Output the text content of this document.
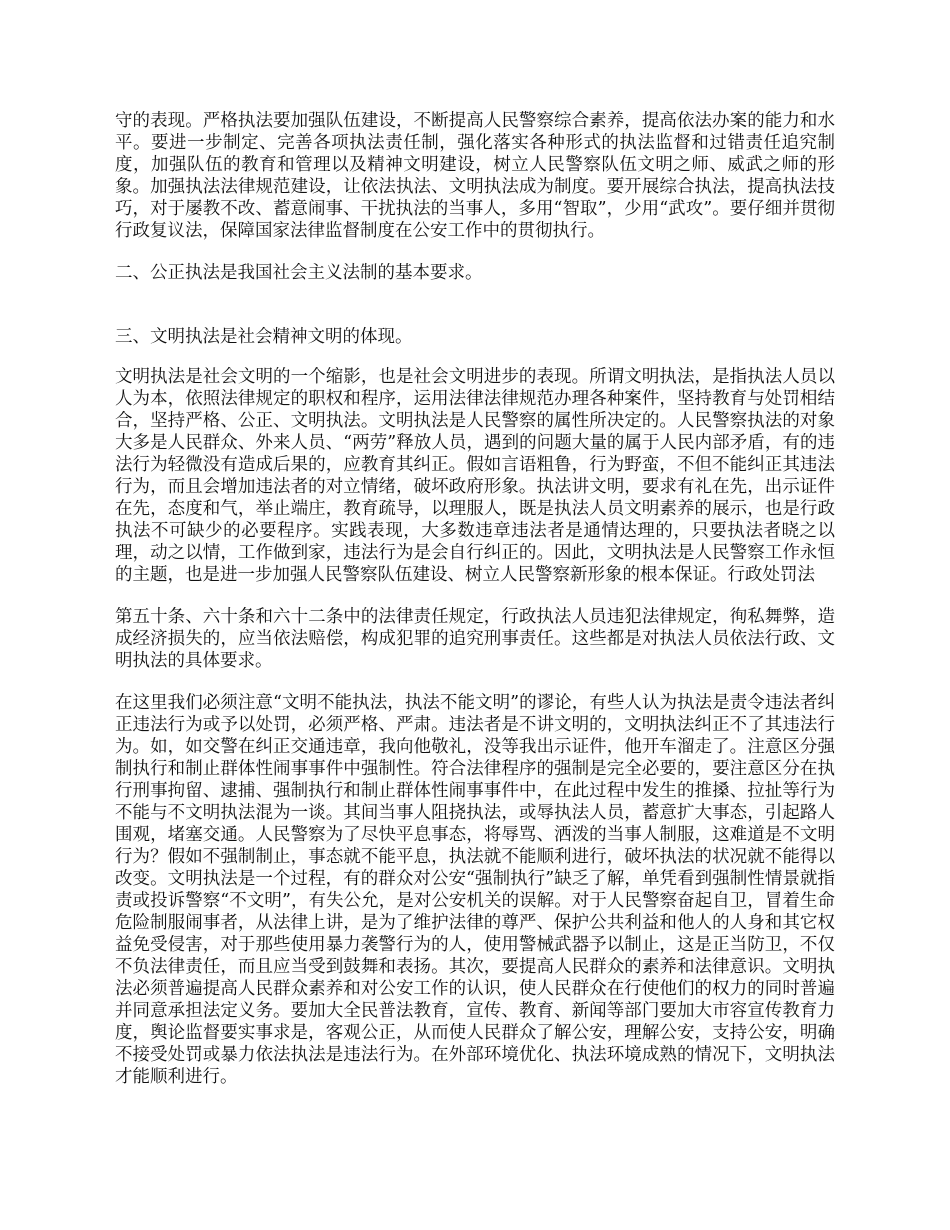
守的表现。严格执法要加强队伍建设，不断提高人民警察综合素养，提高依法办案的能力和水平。要进一步制定、完善各项执法责任制，强化落实各种形式的执法监督和过错责任追究制度，加强队伍的教育和管理以及精神文明建设，树立人民警察队伍文明之师、威武之师的形象。加强执法法律规范建设，让依法执法、文明执法成为制度。要开展综合执法，提高执法技巧，对于屡教不改、蓄意闹事、干扰执法的当事人，多用“智取”，少用“武攻”。要仔细并贯彻行政复议法，保障国家法律监督制度在公安工作中的贯彻执行。

二、公正执法是我国社会主义法制的基本要求。

三、文明执法是社会精神文明的体现。

文明执法是社会文明的一个缩影，也是社会文明进步的表现。所谓文明执法，是指执法人员以人为本，依照法律规定的职权和程序，运用法律法律规范办理各种案件，坚持教育与处罚相结合，坚持严格、公正、文明执法。文明执法是人民警察的属性所决定的。人民警察执法的对象大多是人民群众、外来人员、“两劳”释放人员，遇到的问题大量的属于人民内部矛盾，有的违法行为轻微没有造成后果的，应教育其纠正。假如言语粗鲁，行为野蛮，不但不能纠正其违法行为，而且会增加违法者的对立情绪，破坏政府形象。执法讲文明，要求有礼在先，出示证件在先，态度和气，举止端庄，教育疏导，以理服人，既是执法人员文明素养的展示，也是行政执法不可缺少的必要程序。实践表现，大多数违章违法者是通情达理的，只要执法者晓之以理，动之以情，工作做到家，违法行为是会自行纠正的。因此，文明执法是人民警察工作永恒的主题，也是进一步加强人民警察队伍建设、树立人民警察新形象的根本保证。行政处罚法

第五十条、六十条和六十二条中的法律责任规定，行政执法人员违犯法律规定，徇私舞弊，造成经济损失的，应当依法赔偿，构成犯罪的追究刑事责任。这些都是对执法人员依法行政、文明执法的具体要求。

在这里我们必须注意“文明不能执法，执法不能文明”的谬论，有些人认为执法是责令违法者纠正违法行为或予以处罚，必须严格、严肃。违法者是不讲文明的，文明执法纠正不了其违法行为。如，如交警在纠正交通违章，我向他敬礼，没等我出示证件，他开车溜走了。注意区分强制执行和制止群体性闹事事件中强制性。符合法律程序的强制是完全必要的，要注意区分在执行刑事拘留、逮捕、强制执行和制止群体性闹事事件中，在此过程中发生的推搡、拉扯等行为不能与不文明执法混为一谈。其间当事人阻挠执法，或辱执法人员，蓄意扩大事态，引起路人围观，堵塞交通。人民警察为了尽快平息事态，将辱骂、洒泼的当事人制服，这难道是不文明行为？假如不强制制止，事态就不能平息，执法就不能顺利进行，破坏执法的状况就不能得以改变。文明执法是一个过程，有的群众对公安“强制执行”缺乏了解，单凭看到强制性情景就指责或投诉警察“不文明”，有失公允，是对公安机关的误解。对于人民警察奋起自卫，冒着生命危险制服闹事者，从法律上讲，是为了维护法律的尊严、保护公共利益和他人的人身和其它权益免受侵害，对于那些使用暴力袭警行为的人，使用警械武器予以制止，这是正当防卫，不仅不负法律责任，而且应当受到鼓舞和表扬。其次，要提高人民群众的素养和法律意识。文明执法必须普遍提高人民群众素养和对公安工作的认识，使人民群众在行使他们的权力的同时普遍并同意承担法定义务。要加大全民普法教育，宣传、教育、新闻等部门要加大市容宣传教育力度，舆论监督要实事求是，客观公正，从而使人民群众了解公安，理解公安，支持公安，明确不接受处罚或暴力依法执法是违法行为。在外部环境优化、执法环境成熟的情况下，文明执法才能顺利进行。
